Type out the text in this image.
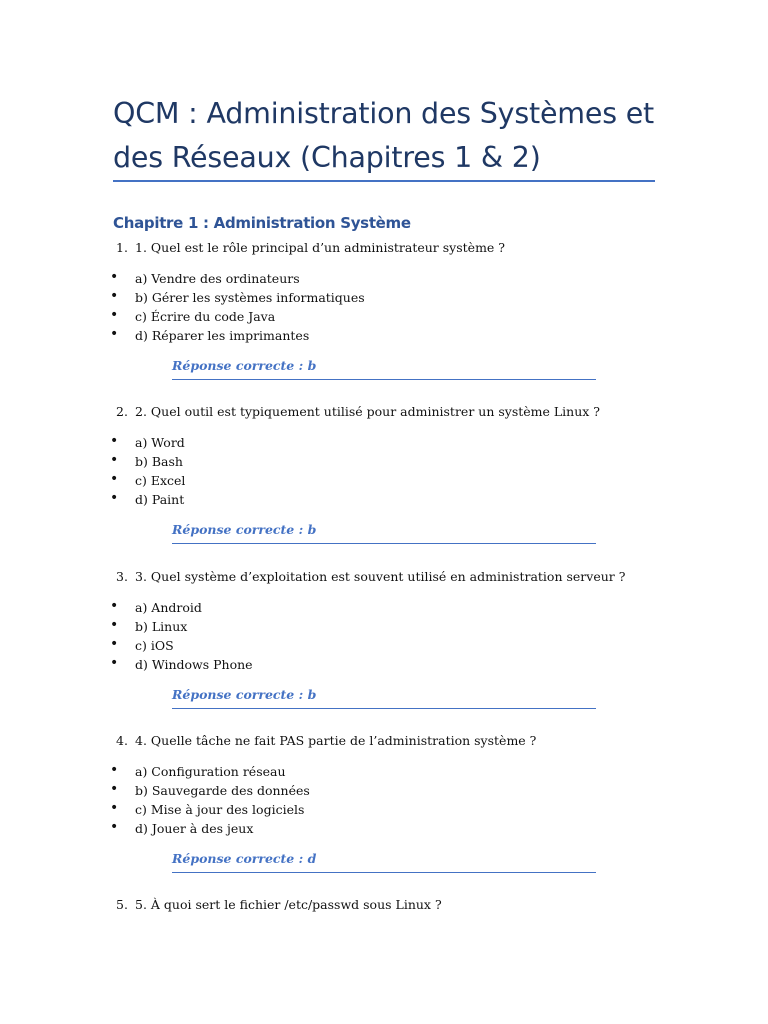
QCM : Administration des Systèmes et des Réseaux (Chapitres 1 & 2)
Chapitre 1 : Administration Système
1. 1. Quel est le rôle principal d’un administrateur système ?
• a) Vendre des ordinateurs
• b) Gérer les systèmes informatiques
• c) Écrire du code Java
• d) Réparer les imprimantes
Réponse correcte : b
2. 2. Quel outil est typiquement utilisé pour administrer un système Linux ?
• a) Word
• b) Bash
• c) Excel
• d) Paint
Réponse correcte : b
3. 3. Quel système d’exploitation est souvent utilisé en administration serveur ?
• a) Android
• b) Linux
• c) iOS
• d) Windows Phone
Réponse correcte : b
4. 4. Quelle tâche ne fait PAS partie de l’administration système ?
• a) Configuration réseau
• b) Sauvegarde des données
• c) Mise à jour des logiciels
• d) Jouer à des jeux
Réponse correcte : d
5. 5. À quoi sert le fichier /etc/passwd sous Linux ?
